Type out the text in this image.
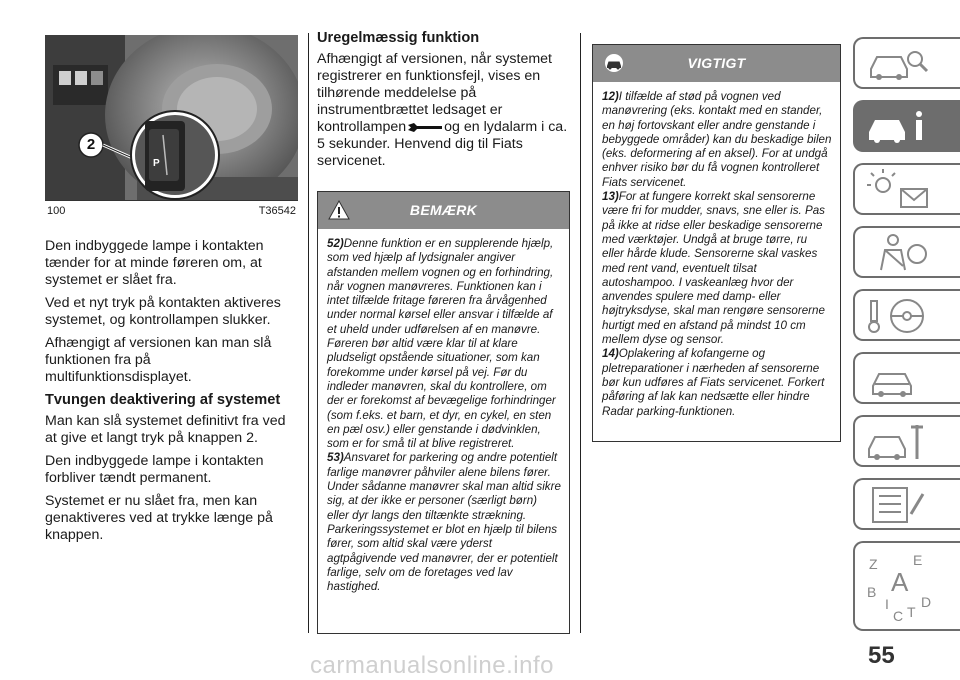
2
P
100	T36542

Den indbyggede lampe i kontakten tænder for at minde føreren om, at systemet er slået fra.

Ved et nyt tryk på kontakten aktiveres systemet, og kontrollampen slukker.

Afhængigt af versionen kan man slå funktionen fra på multifunktionsdisplayet.

Tvungen deaktivering af systemet

Man kan slå systemet definitivt fra ved at give et langt tryk på knappen 2.

Den indbyggede lampe i kontakten forbliver tændt permanent.

Systemet er nu slået fra, men kan genaktiveres ved at trykke længe på knappen.

Uregelmæssig funktion

Afhængigt af versionen, når systemet registrerer en funktionsfejl, vises en tilhørende meddelelse på instrumentbrættet ledsaget er kontrollampen	og en lydalarm i ca. 5 sekunder. Henvend dig til Fiats servicenet.

BEMÆRK
52)Denne funktion er en supplerende hjælp, som ved hjælp af lydsignaler angiver afstanden mellem vognen og en forhindring, når vognen manøvreres. Funktionen kan i intet tilfælde fritage føreren fra årvågenhed under normal kørsel eller ansvar i tilfælde af et uheld under udførelsen af en manøvre. Føreren bør altid være klar til at klare pludseligt opstående situationer, som kan forekomme under kørsel på vej. Før du indleder manøvren, skal du kontrollere, om der er forekomst af bevægelige forhindringer (som f.eks. et barn, et dyr, en cykel, en sten en pæl osv.) eller genstande i dødvinklen, som er for små til at blive registreret.
53)Ansvaret for parkering og andre potentielt farlige manøvrer påhviler alene bilens fører. Under sådanne manøvrer skal man altid sikre sig, at der ikke er personer (særligt børn) eller dyr langs den tiltænkte strækning. Parkeringssystemet er blot en hjælp til bilens fører, som altid skal være yderst agtpågivende ved manøvrer, der er potentielt farlige, selv om de foretages ved lav hastighed.
VIGTIGT
12)I tilfælde af stød på vognen ved manøvrering (eks. kontakt med en stander, en høj fortovskant eller andre genstande i bebyggede områder) kan du beskadige bilen (eks. deformering af en aksel). For at undgå enhver risiko bør du få vognen kontrolleret Fiats servicenet.
13)For at fungere korrekt skal sensorerne være fri for mudder, snavs, sne eller is. Pas på ikke at ridse eller beskadige sensorerne med værktøjer. Undgå at bruge tørre, ru eller hårde klude. Sensorerne skal vaskes med rent vand, eventuelt tilsat autoshampoo. I vaskeanlæg hvor der anvendes spulere med damp- eller højtryksdyse, skal man rengøre sensorerne hurtigt med en afstand på mindst 10 cm mellem dyse og sensor.
14)Oplakering af kofangerne og pletreparationer i nærheden af sensorerne bør kun udføres af Fiats servicenet. Forkert påføring af lak kan nedsætte eller hindre Radar parking-funktionen.
Z	E
B A
I
C T
D
55
carmanualsonline.info
